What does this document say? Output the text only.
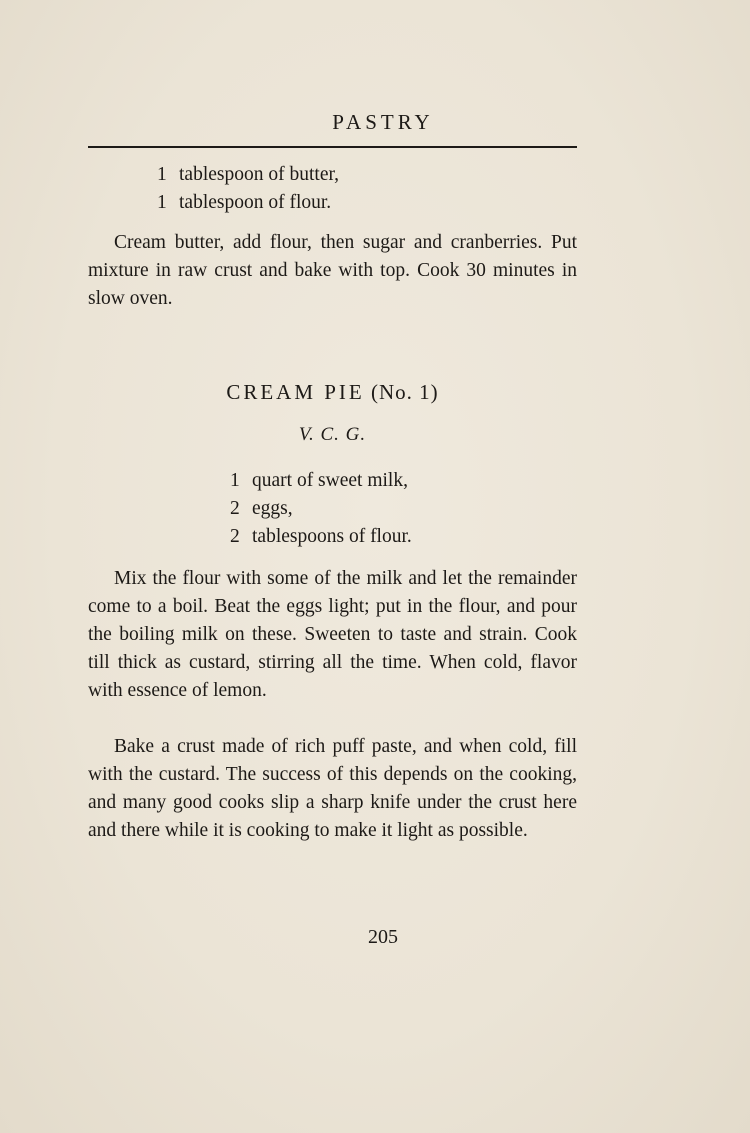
PASTRY
1 tablespoon of butter,
1 tablespoon of flour.

Cream butter, add flour, then sugar and cranberries. Put mixture in raw crust and bake with top. Cook 30 minutes in slow oven.

CREAM PIE (No. 1)
V. C. G.
1 quart of sweet milk,
2 eggs,
2 tablespoons of flour.

Mix the flour with some of the milk and let the remainder come to a boil. Beat the eggs light; put in the flour, and pour the boiling milk on these. Sweeten to taste and strain. Cook till thick as custard, stirring all the time. When cold, flavor with essence of lemon.

Bake a crust made of rich puff paste, and when cold, fill with the custard. The success of this depends on the cooking, and many good cooks slip a sharp knife under the crust here and there while it is cooking to make it light as possible.

205
